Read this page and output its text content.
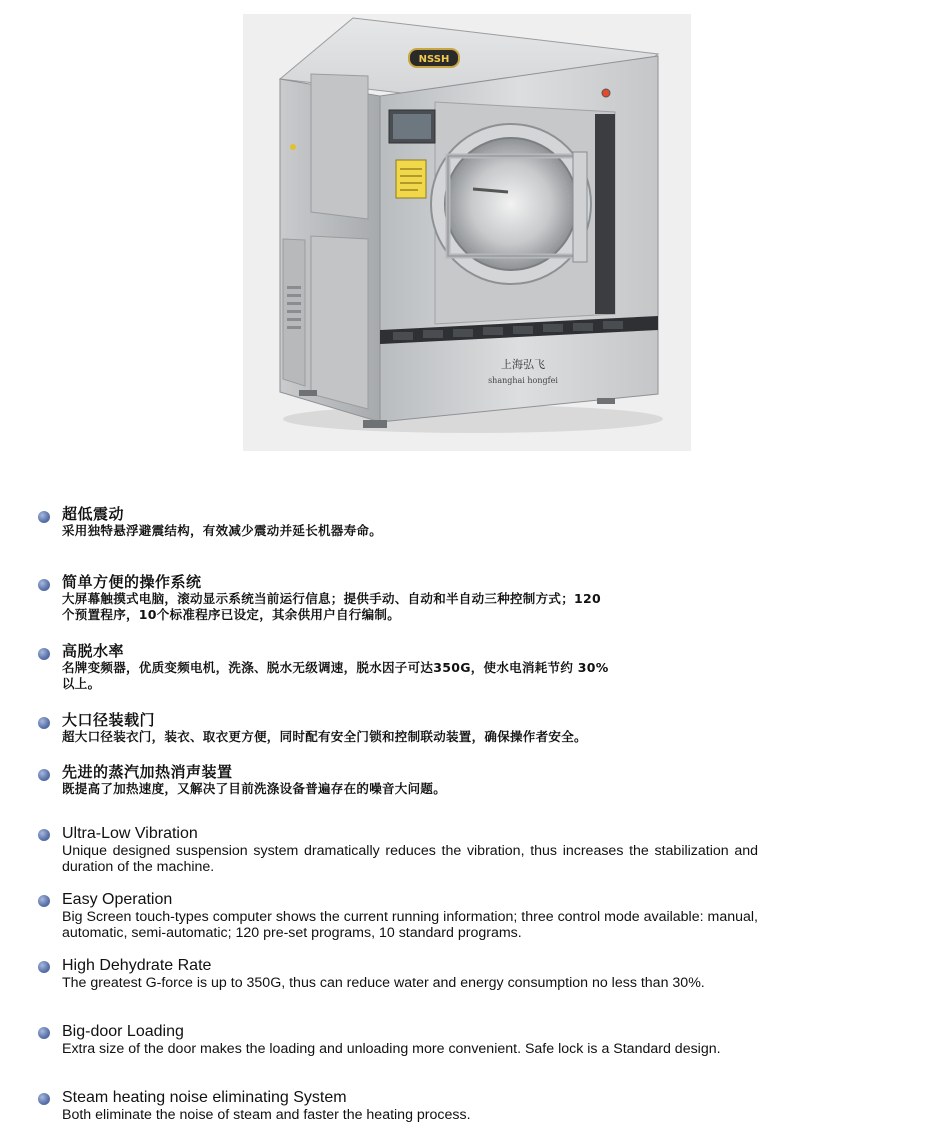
NSSH
上海弘飞
shanghai hongfei
超低震动
采用独特悬浮避震结构，有效减少震动并延长机器寿命。
简单方便的操作系统
大屏幕触摸式电脑，滚动显示系统当前运行信息；提供手动、自动和半自动三种控制方式；120
个预置程序，10个标准程序已设定，其余供用户自行编制。
高脱水率
名牌变频器，优质变频电机，洗涤、脱水无级调速，脱水因子可达350G，使水电消耗节约 30%
以上。
大口径装载门
超大口径装衣门，装衣、取衣更方便，同时配有安全门锁和控制联动装置，确保操作者安全。
先进的蒸汽加热消声装置
既提高了加热速度，又解决了目前洗涤设备普遍存在的噪音大问题。
Ultra-Low Vibration
Unique designed suspension system dramatically reduces the vibration, thus increases the stabilization and duration of the machine.
Easy Operation
Big Screen touch-types computer shows the current running information; three control mode available: manual, automatic, semi-automatic; 120 pre-set programs, 10 standard programs.
High Dehydrate Rate
The greatest G-force is up to 350G, thus can reduce water and energy consumption no less than 30%.
Big-door Loading
Extra size of the door makes the loading and unloading more convenient. Safe lock is a Standard design.
Steam heating noise eliminating System
Both eliminate the noise of steam and faster the heating process.
